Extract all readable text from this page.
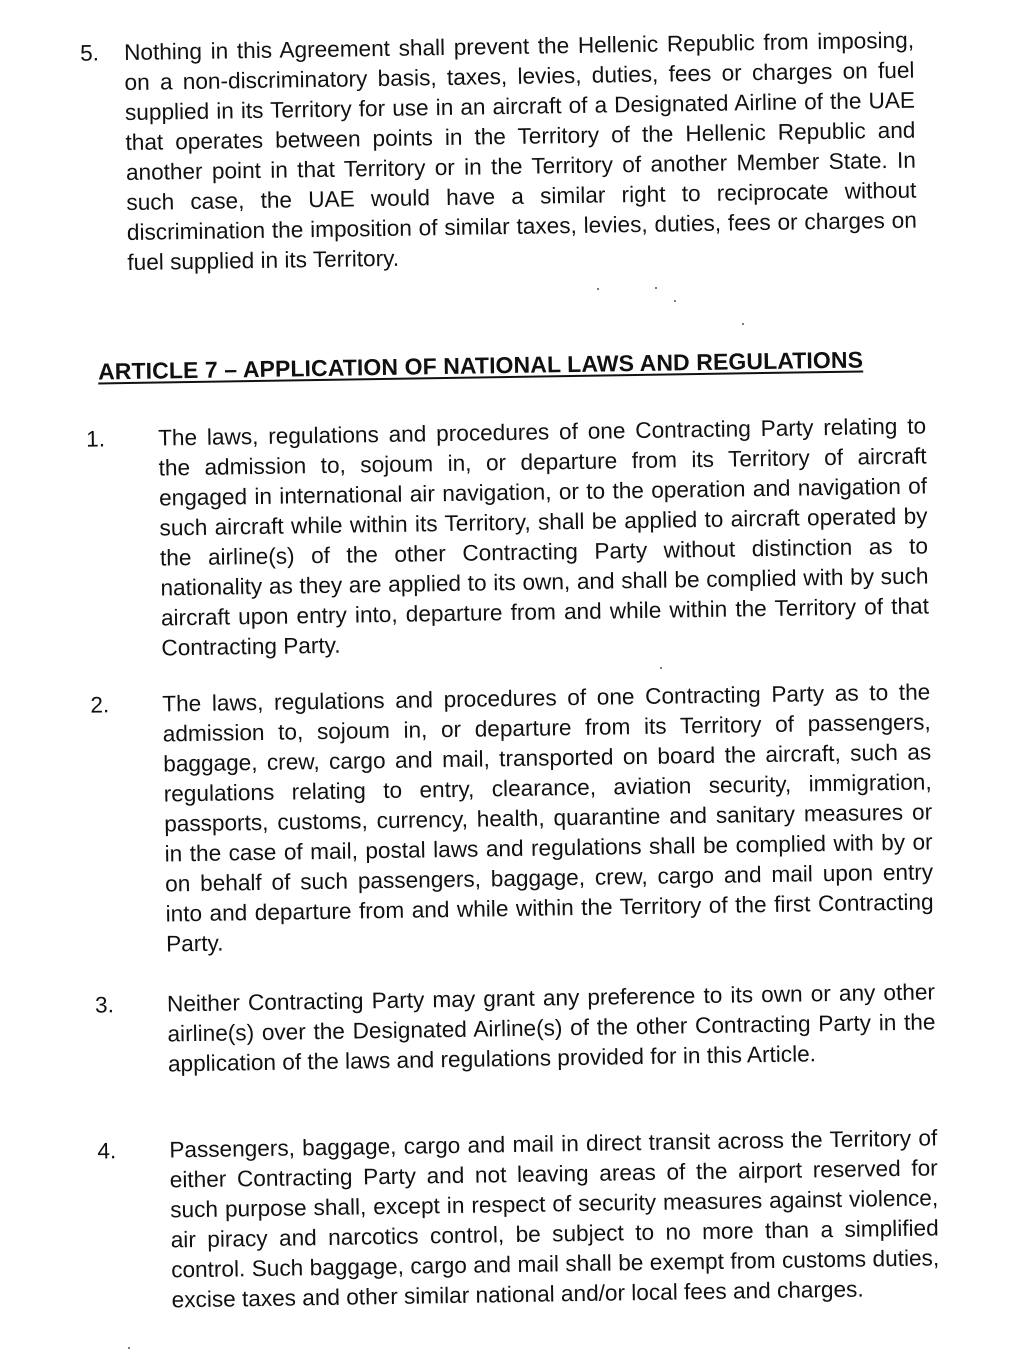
5.	Nothing in this Agreement shall prevent the Hellenic Republic from imposing, on a non-discriminatory basis, taxes, levies, duties, fees or charges on fuel supplied in its Territory for use in an aircraft of a Designated Airline of the UAE that operates between points in the Territory of the Hellenic Republic and another point in that Territory or in the Territory of another Member State. In such case, the UAE would have a similar right to reciprocate without discrimination the imposition of similar taxes, levies, duties, fees or charges on fuel supplied in its Territory.
ARTICLE 7 – APPLICATION OF NATIONAL LAWS AND REGULATIONS
1.	The laws, regulations and procedures of one Contracting Party relating to the admission to, sojoum in, or departure from its Territory of aircraft engaged in international air navigation, or to the operation and navigation of such aircraft while within its Territory, shall be applied to aircraft operated by the airline(s) of the other Contracting Party without distinction as to nationality as they are applied to its own, and shall be complied with by such aircraft upon entry into, departure from and while within the Territory of that Contracting Party.
2.	The laws, regulations and procedures of one Contracting Party as to the admission to, sojoum in, or departure from its Territory of passengers, baggage, crew, cargo and mail, transported on board the aircraft, such as regulations relating to entry, clearance, aviation security, immigration, passports, customs, currency, health, quarantine and sanitary measures or in the case of mail, postal laws and regulations shall be complied with by or on behalf of such passengers, baggage, crew, cargo and mail upon entry into and departure from and while within the Territory of the first Contracting Party.
3.	Neither Contracting Party may grant any preference to its own or any other airline(s) over the Designated Airline(s) of the other Contracting Party in the application of the laws and regulations provided for in this Article.
4.	Passengers, baggage, cargo and mail in direct transit across the Territory of either Contracting Party and not leaving areas of the airport reserved for such purpose shall, except in respect of security measures against violence, air piracy and narcotics control, be subject to no more than a simplified control. Such baggage, cargo and mail shall be exempt from customs duties, excise taxes and other similar national and/or local fees and charges.
